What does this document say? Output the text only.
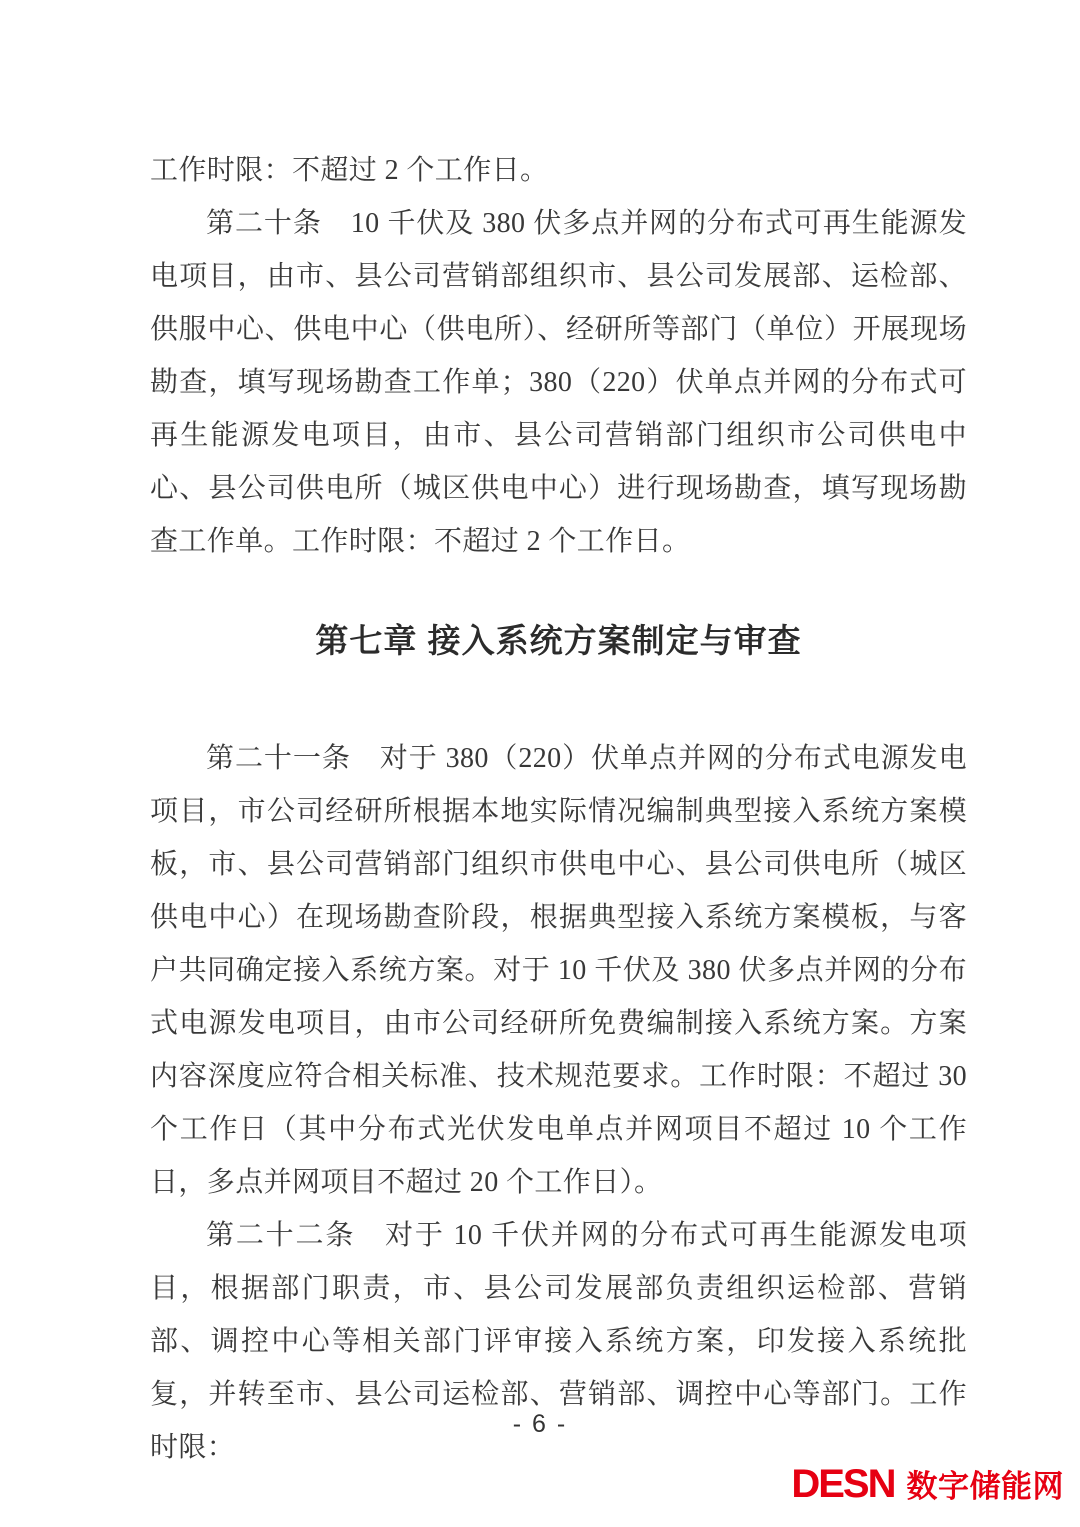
工作时限：不超过 2 个工作日。

第二十条　10 千伏及 380 伏多点并网的分布式可再生能源发电项目，由市、县公司营销部组织市、县公司发展部、运检部、供服中心、供电中心（供电所）、经研所等部门（单位）开展现场勘查，填写现场勘查工作单；380（220）伏单点并网的分布式可再生能源发电项目，由市、县公司营销部门组织市公司供电中心、县公司供电所（城区供电中心）进行现场勘查，填写现场勘查工作单。工作时限：不超过 2 个工作日。

第七章 接入系统方案制定与审查

第二十一条　对于 380（220）伏单点并网的分布式电源发电项目，市公司经研所根据本地实际情况编制典型接入系统方案模板，市、县公司营销部门组织市供电中心、县公司供电所（城区供电中心）在现场勘查阶段，根据典型接入系统方案模板，与客户共同确定接入系统方案。对于 10 千伏及 380 伏多点并网的分布式电源发电项目，由市公司经研所免费编制接入系统方案。方案内容深度应符合相关标准、技术规范要求。工作时限：不超过 30 个工作日（其中分布式光伏发电单点并网项目不超过 10 个工作日，多点并网项目不超过 20 个工作日）。

第二十二条　对于 10 千伏并网的分布式可再生能源发电项目，根据部门职责，市、县公司发展部负责组织运检部、营销部、调控中心等相关部门评审接入系统方案，印发接入系统批复，并转至市、县公司运检部、营销部、调控中心等部门。工作时限：

- 6 -
DESN 数字储能网
